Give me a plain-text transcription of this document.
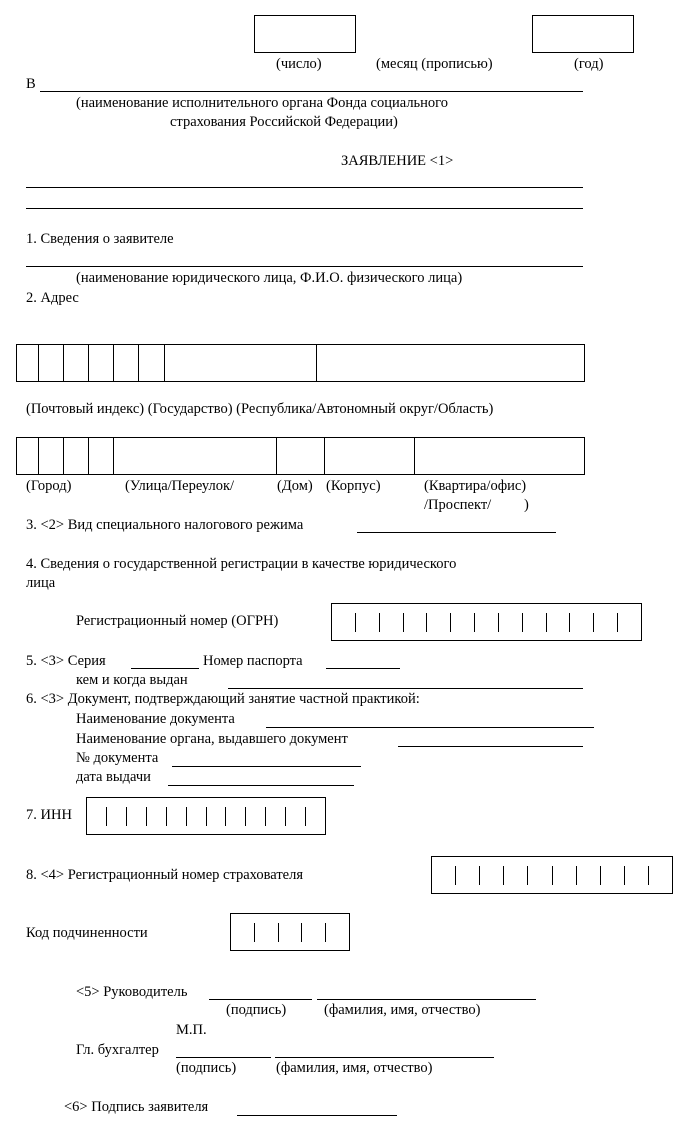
(число)	(месяц (прописью)	(год)
В
(наименование исполнительного органа Фонда социального
страхования Российской Федерации)
ЗАЯВЛЕНИЕ <1>
1. Сведения о заявителе
(наименование юридического лица, Ф.И.О. физического лица)
2. Адрес
(Почтовый индекс) (Государство) (Республика/Автономный округ/Область)
(Город)	(Улица/Переулок/	(Дом) (Корпус)	(Квартира/офис)
/Проспект/ )
3. <2> Вид специального налогового режима
4. Сведения о государственной регистрации в качестве юридического
лица
Регистрационный номер (ОГРН)
5. <3> Серия	Номер паспорта
кем и когда выдан
6. <3> Документ, подтверждающий занятие частной практикой:
Наименование документа
Наименование органа, выдавшего документ
№ документа
дата выдачи
7. ИНН
8. <4> Регистрационный номер страхователя
Код подчиненности
<5> Руководитель
(подпись)	(фамилия, имя, отчество)
М.П.
Гл. бухгалтер
(подпись)	(фамилия, имя, отчество)
<6> Подпись заявителя
